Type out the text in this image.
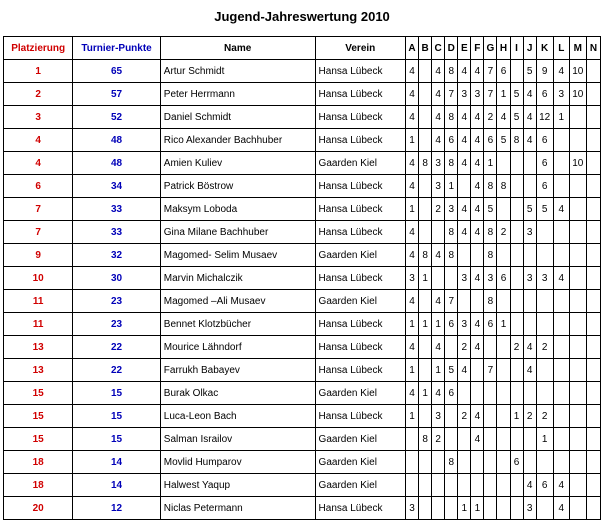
Jugend-Jahreswertung 2010
Platzierung	Turnier-Punkte	Name	Verein	A	B	C	D	E	F	G	H	I	J	K	L	M	N
1	65	Artur Schmidt	Hansa Lübeck	4		4	8	4	4	7	6		5	9	4	10	
2	57	Peter Herrmann	Hansa Lübeck	4		4	7	3	3	7	1	5	4	6	3	10	
3	52	Daniel Schmidt	Hansa Lübeck	4		4	8	4	4	2	4	5	4	12	1		
4	48	Rico Alexander Bachhuber	Hansa Lübeck	1		4	6	4	4	6	5	8	4	6			
4	48	Amien Kuliev	Gaarden Kiel	4	8	3	8	4	4	1				6		10	
6	34	Patrick Böstrow	Hansa Lübeck	4		3	1		4	8	8			6			
7	33	Maksym Loboda	Hansa Lübeck	1		2	3	4	4	5			5	5	4		
7	33	Gina Milane Bachhuber	Hansa Lübeck	4			8	4	4	8	2		3				
9	32	Magomed- Selim Musaev	Gaarden Kiel	4	8	4	8			8							
10	30	Marvin Michalczik	Hansa Lübeck	3	1			3	4	3	6		3	3	4		
11	23	Magomed –Ali Musaev	Gaarden Kiel	4		4	7			8							
11	23	Bennet Klotzbücher	Hansa Lübeck	1	1	1	6	3	4	6	1						
13	22	Mourice Lähndorf	Hansa Lübeck	4		4		2	4			2	4	2			
13	22	Farrukh Babayev	Hansa Lübeck	1		1	5	4		7			4				
15	15	Burak Olkac	Gaarden Kiel	4	1	4	6										
15	15	Luca-Leon Bach	Hansa Lübeck	1		3		2	4			1	2	2			
15	15	Salman Israilov	Gaarden Kiel		8	2			4					1			
18	14	Movlid Humparov	Gaarden Kiel				8					6					
18	14	Halwest Yaqup	Gaarden Kiel										4	6	4		
20	12	Niclas Petermann	Hansa Lübeck	3				1	1				3		4		
